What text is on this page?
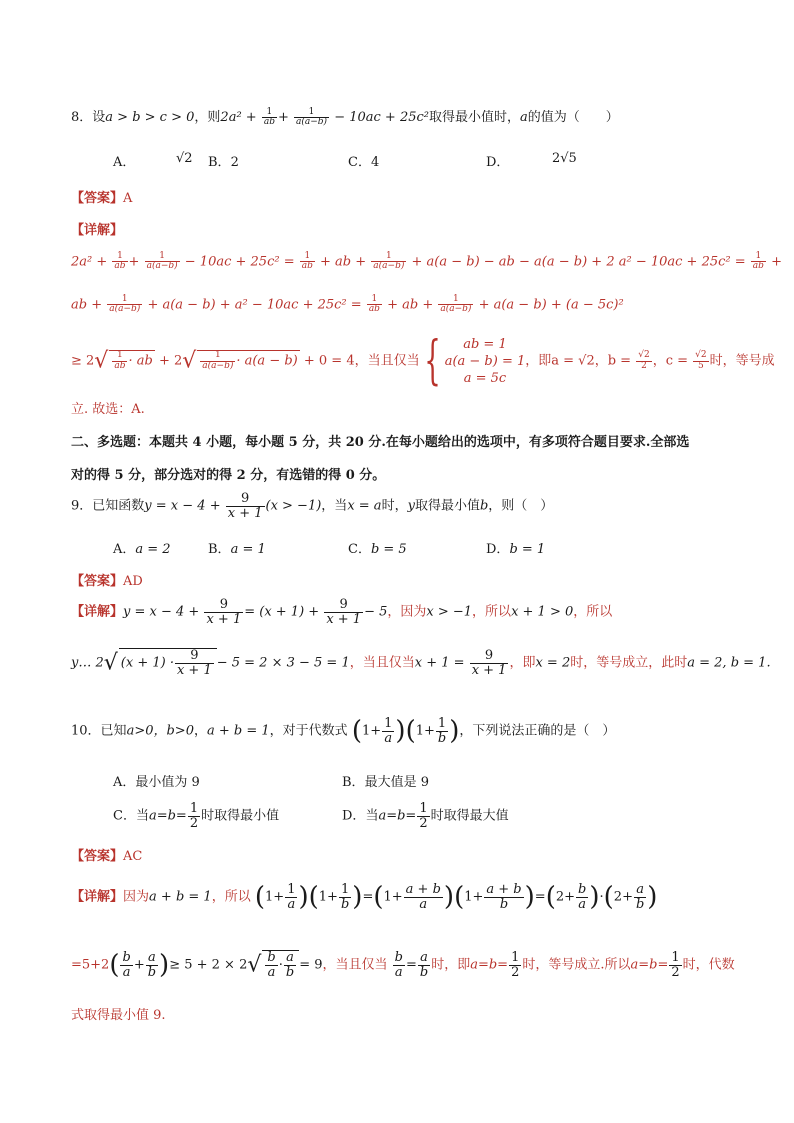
8．设a > b > c > 0，则$2a^2 + \frac{1}{ab} + \frac{1}{a(a-b)} - 10ac + 25c^2$取得最小值时，a的值为（　　）
A．	√2 B．2	C．4	D．	2√5
【答案】A
【详解】
$2a^2 + \frac{1}{ab} + \frac{1}{a(a-b)} - 10ac + 25c^2 = \frac{1}{ab}$ + ab + $\frac{1}{a(a-b)} + a(a - b)$ − ab − a(a − b) + 2 $a^2 - 10ac + 25c^2 = \frac{1}{ab}$ +
ab + $\frac{1}{a(a-b)} + a(a - b) + a^2 - 10ac + 25c^2 = \frac{1}{ab}$ + ab + $\frac{1}{a(a-b)} + a(a - b) + (a - 5c)^2$
≥ $2√ \frac{1}{ab}$ · ab + $2√ \frac{1}{a(a-b)} \cdot a(a - b) + 0 = 4$，当且仅当{ ab = 1
a(a − b) = 1
a = 5c，即a = √2，$b = \frac{√2}{2}$ ，$c = \frac{√2}{5}$ 时，等号成
立. 故选：A.
二、多选题：本题共 4 小题，每小题 5 分，共 20 分.在每小题给出的选项中，有多项符合题目要求.全部选
对的得 5 分，部分选对的得 2 分，有选错的得 0 分。
9．已知函数$y = x - 4 + \frac{9}{x + 1} (x > -1)$，当x = a时，y取得最小值b，则（　）
A．a = 2	B．a = 1	C．b = 5	D．b = 1
【答案】AD
【详解】$y = x - 4 + \frac{9}{x + 1} = (x + 1) + \frac{9}{x + 1} - 5$，因为x > −1，所以x + 1 > 0，所以
y… 2√ $(x + 1) \cdot \frac{9}{x + 1} - 5 = 2 \times 3 - 5 = 1$，当且仅当$x + 1 = \frac{9}{x + 1}$ ，即x = 2时，等号成立，此时a = 2, b = 1.
10．已知a>0，b>0，a + b = 1，对于代数式 $(1+ \frac{1}{a} )(1+ \frac{1}{b}$ )，下列说法正确的是（　）
A．最小值为 9	B．最大值是 9
C．当$a=b= \frac{1}{2}$ 时取得最小值	D．当$a=b= \frac{1}{2}$ 时取得最大值
【答案】AC
【详解】因为a + b = 1，所以 $(1+ \frac{1}{a} )(1+ \frac{1}{b} )=(1+ \frac{a + b}{a} )(1+ \frac{a + b}{b} )=(2+ \frac{b}{a} )\cdot(2+ \frac{a}{b}$ )
$=5+2( \frac{b}{a} + \frac{a}{b}$ )≥ $5 + 2 \times 2√ \frac{b}{a} \cdot \frac{a}{b} = 9$，当且仅当 $\frac{b}{a} = \frac{a}{b}$ 时，即$a=b= \frac{1}{2}$ 时，等号成立.所以$a=b= \frac{1}{2}$ 时，代数
式取得最小值 9.
